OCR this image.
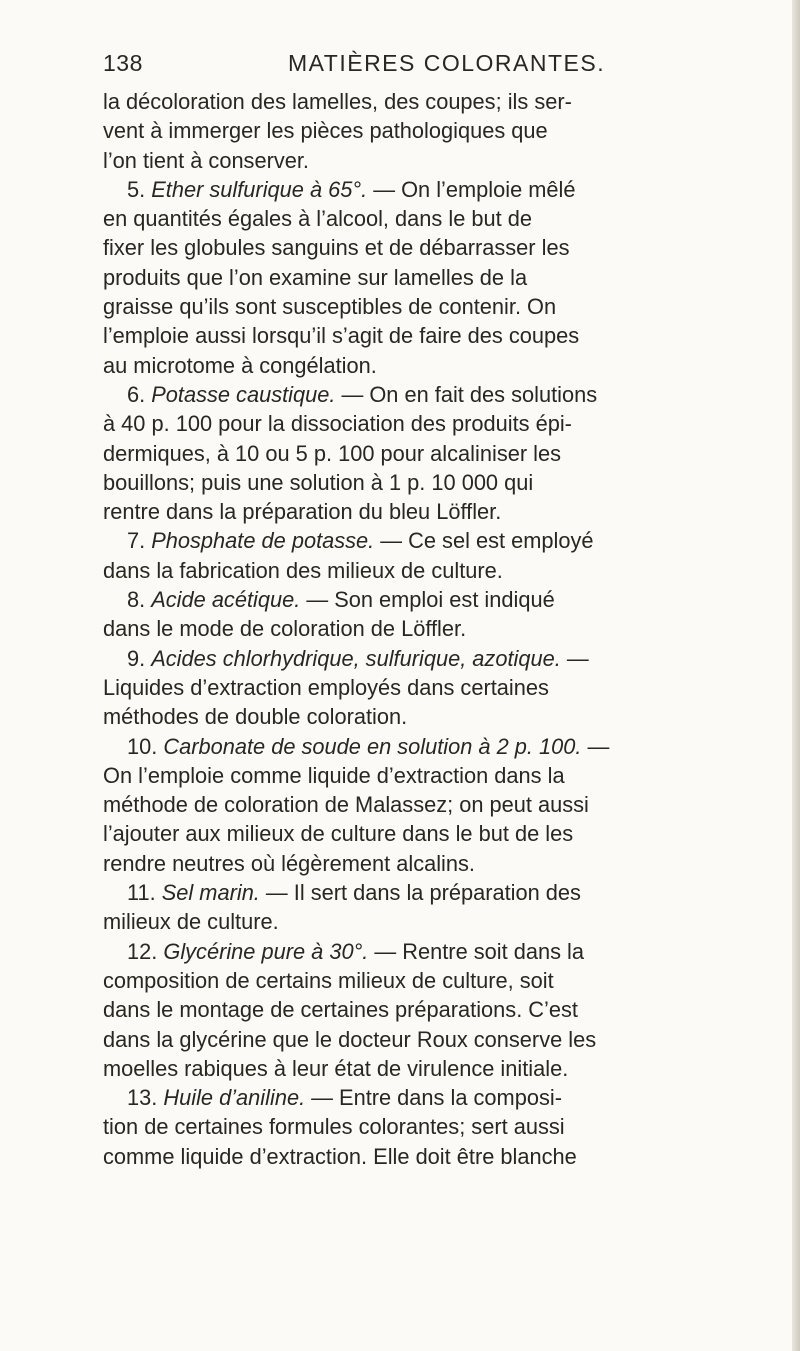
138	MATIÈRES COLORANTES.
la décoloration des lamelles, des coupes; ils ser-
vent à immerger les pièces pathologiques que
l’on tient à conserver.
5. Ether sulfurique à 65°. — On l’emploie mêlé
en quantités égales à l’alcool, dans le but de
fixer les globules sanguins et de débarrasser les
produits que l’on examine sur lamelles de la
graisse qu’ils sont susceptibles de contenir. On
l’emploie aussi lorsqu’il s’agit de faire des coupes
au microtome à congélation.
6. Potasse caustique. — On en fait des solutions
à 40 p. 100 pour la dissociation des produits épi-
dermiques, à 10 ou 5 p. 100 pour alcaliniser les
bouillons; puis une solution à 1 p. 10 000 qui
rentre dans la préparation du bleu Löffler.
7. Phosphate de potasse. — Ce sel est employé
dans la fabrication des milieux de culture.
8. Acide acétique. — Son emploi est indiqué
dans le mode de coloration de Löffler.
9. Acides chlorhydrique, sulfurique, azotique. —
Liquides d’extraction employés dans certaines
méthodes de double coloration.
10. Carbonate de soude en solution à 2 p. 100. —
On l’emploie comme liquide d’extraction dans la
méthode de coloration de Malassez; on peut aussi
l’ajouter aux milieux de culture dans le but de les
rendre neutres où légèrement alcalins.
11. Sel marin. — Il sert dans la préparation des
milieux de culture.
12. Glycérine pure à 30°. — Rentre soit dans la
composition de certains milieux de culture, soit
dans le montage de certaines préparations. C’est
dans la glycérine que le docteur Roux conserve les
moelles rabiques à leur état de virulence initiale.
13. Huile d’aniline. — Entre dans la composi-
tion de certaines formules colorantes; sert aussi
comme liquide d’extraction. Elle doit être blanche
